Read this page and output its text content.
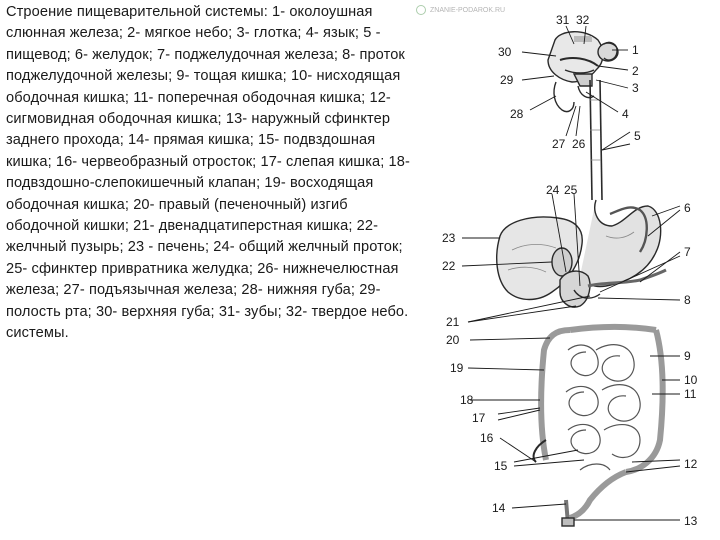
Строение пищеварительной системы: 1- околоушная слюнная железа; 2- мягкое небо; 3- глотка; 4- язык; 5 - пищевод; 6- желудок; 7- поджелудочная железа; 8- проток поджелудочной железы; 9- тощая кишка; 10- нисходящая ободочная кишка; 11- поперечная ободочная кишка; 12- сигмовидная ободочная кишка; 13- наружный сфинктер заднего прохода; 14- прямая кишка; 15- подвздошная кишка; 16- червеобразный отросток; 17- слепая кишка; 18- подвздошно-слепокишечный клапан; 19- восходящая ободочная кишка; 20- правый (печеночный) изгиб ободочной кишки; 21- двенадцатиперстная кишка; 22- желчный пузырь; 23 - печень; 24- общий желчный проток; 25- сфинктер привратника желудка; 26- нижнечелюстная железа; 27- подъязычная железа; 28- нижняя губа; 29- полость рта; 30- верхняя губа; 31- зубы; 32- твердое небо. системы.

ZNANIE-PODAROK.RU
1
2
3
4
5
6
7
8
9
10
11
12
13
14
15
16
17
18
19
20
21
22
23
24 25
26
27
28
29
30
31 32
